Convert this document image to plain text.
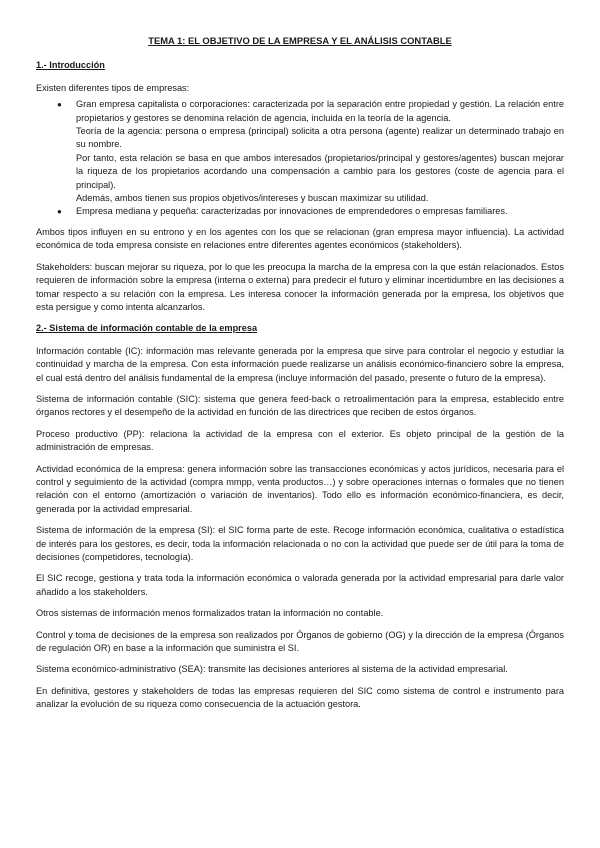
TEMA 1: EL OBJETIVO DE LA EMPRESA Y EL ANÁLISIS CONTABLE
1.- Introducción

Existen diferentes tipos de empresas:

● Gran empresa capitalista o corporaciones: caracterizada por la separación entre propiedad y gestión. La relación entre propietarios y gestores se denomina relación de agencia, incluida en la teoría de la agencia.

Teoría de la agencia: persona o empresa (principal) solicita a otra persona (agente) realizar un determinado trabajo en su nombre.

Por tanto, esta relación se basa en que ambos interesados (propietarios/principal y gestores/agentes) buscan mejorar la riqueza de los propietarios acordando una compensación a cambio para los gestores (coste de agencia para el principal).

Además, ambos tienen sus propios objetivos/intereses y buscan maximizar su utilidad.

● Empresa mediana y pequeña: caracterizadas por innovaciones de emprendedores o empresas familiares.

Ambos tipos influyen en su entrono y en los agentes con los que se relacionan (gran empresa mayor influencia). La actividad económica de toda empresa consiste en relaciones entre diferentes agentes económicos (stakeholders).

Stakeholders: buscan mejorar su riqueza, por lo que les preocupa la marcha de la empresa con la que están relacionados. Estos requieren de información sobre la empresa (interna o externa) para predecir el futuro y eliminar incertidumbre en las decisiones a tomar respecto a su relación con la empresa. Les interesa conocer la información generada por la empresa, los objetivos que esta persigue y como intenta alcanzarlos.

2.- Sistema de información contable de la empresa

Información contable (IC): información mas relevante generada por la empresa que sirve para controlar el negocio y estudiar la continuidad y marcha de la empresa. Con esta información puede realizarse un análisis económico-financiero sobre la empresa, el cual está dentro del análisis fundamental de la empresa (incluye información del pasado, presente o futuro de la empresa).

Sistema de información contable (SIC): sistema que genera feed-back o retroalimentación para la empresa, establecido entre órganos rectores y el desempeño de la actividad en función de las directrices que reciben de estos órganos.

Proceso productivo (PP): relaciona la actividad de la empresa con el exterior. Es objeto principal de la gestión de la administración de empresas.

Actividad económica de la empresa: genera información sobre las transacciones económicas y actos jurídicos, necesaria para el control y seguimiento de la actividad (compra mmpp, venta productos…) y sobre operaciones internas o formales que no tienen relación con el entorno (amortización o variación de inventarios). Todo ello es información económico-financiera, es decir, generada por la actividad empresarial.

Sistema de información de la empresa (SI): el SIC forma parte de este. Recoge información económica, cualitativa o estadística de interés para los gestores, es decir, toda la información relacionada o no con la actividad que puede ser de útil para la toma de decisiones (competidores, tecnología).

El SIC recoge, gestiona y trata toda la información económica o valorada generada por la actividad empresarial para darle valor añadido a los stakeholders.

Otros sistemas de información menos formalizados tratan la información no contable.

Control y toma de decisiones de la empresa son realizados por Órganos de gobierno (OG) y la dirección de la empresa (Órganos de regulación OR) en base a la información que suministra el SI.

Sistema económico-administrativo (SEA): transmite las decisiones anteriores al sistema de la actividad empresarial.

En definitiva, gestores y stakeholders de todas las empresas requieren del SIC como sistema de control e instrumento para analizar la evolución de su riqueza como consecuencia de la actuación gestora.
